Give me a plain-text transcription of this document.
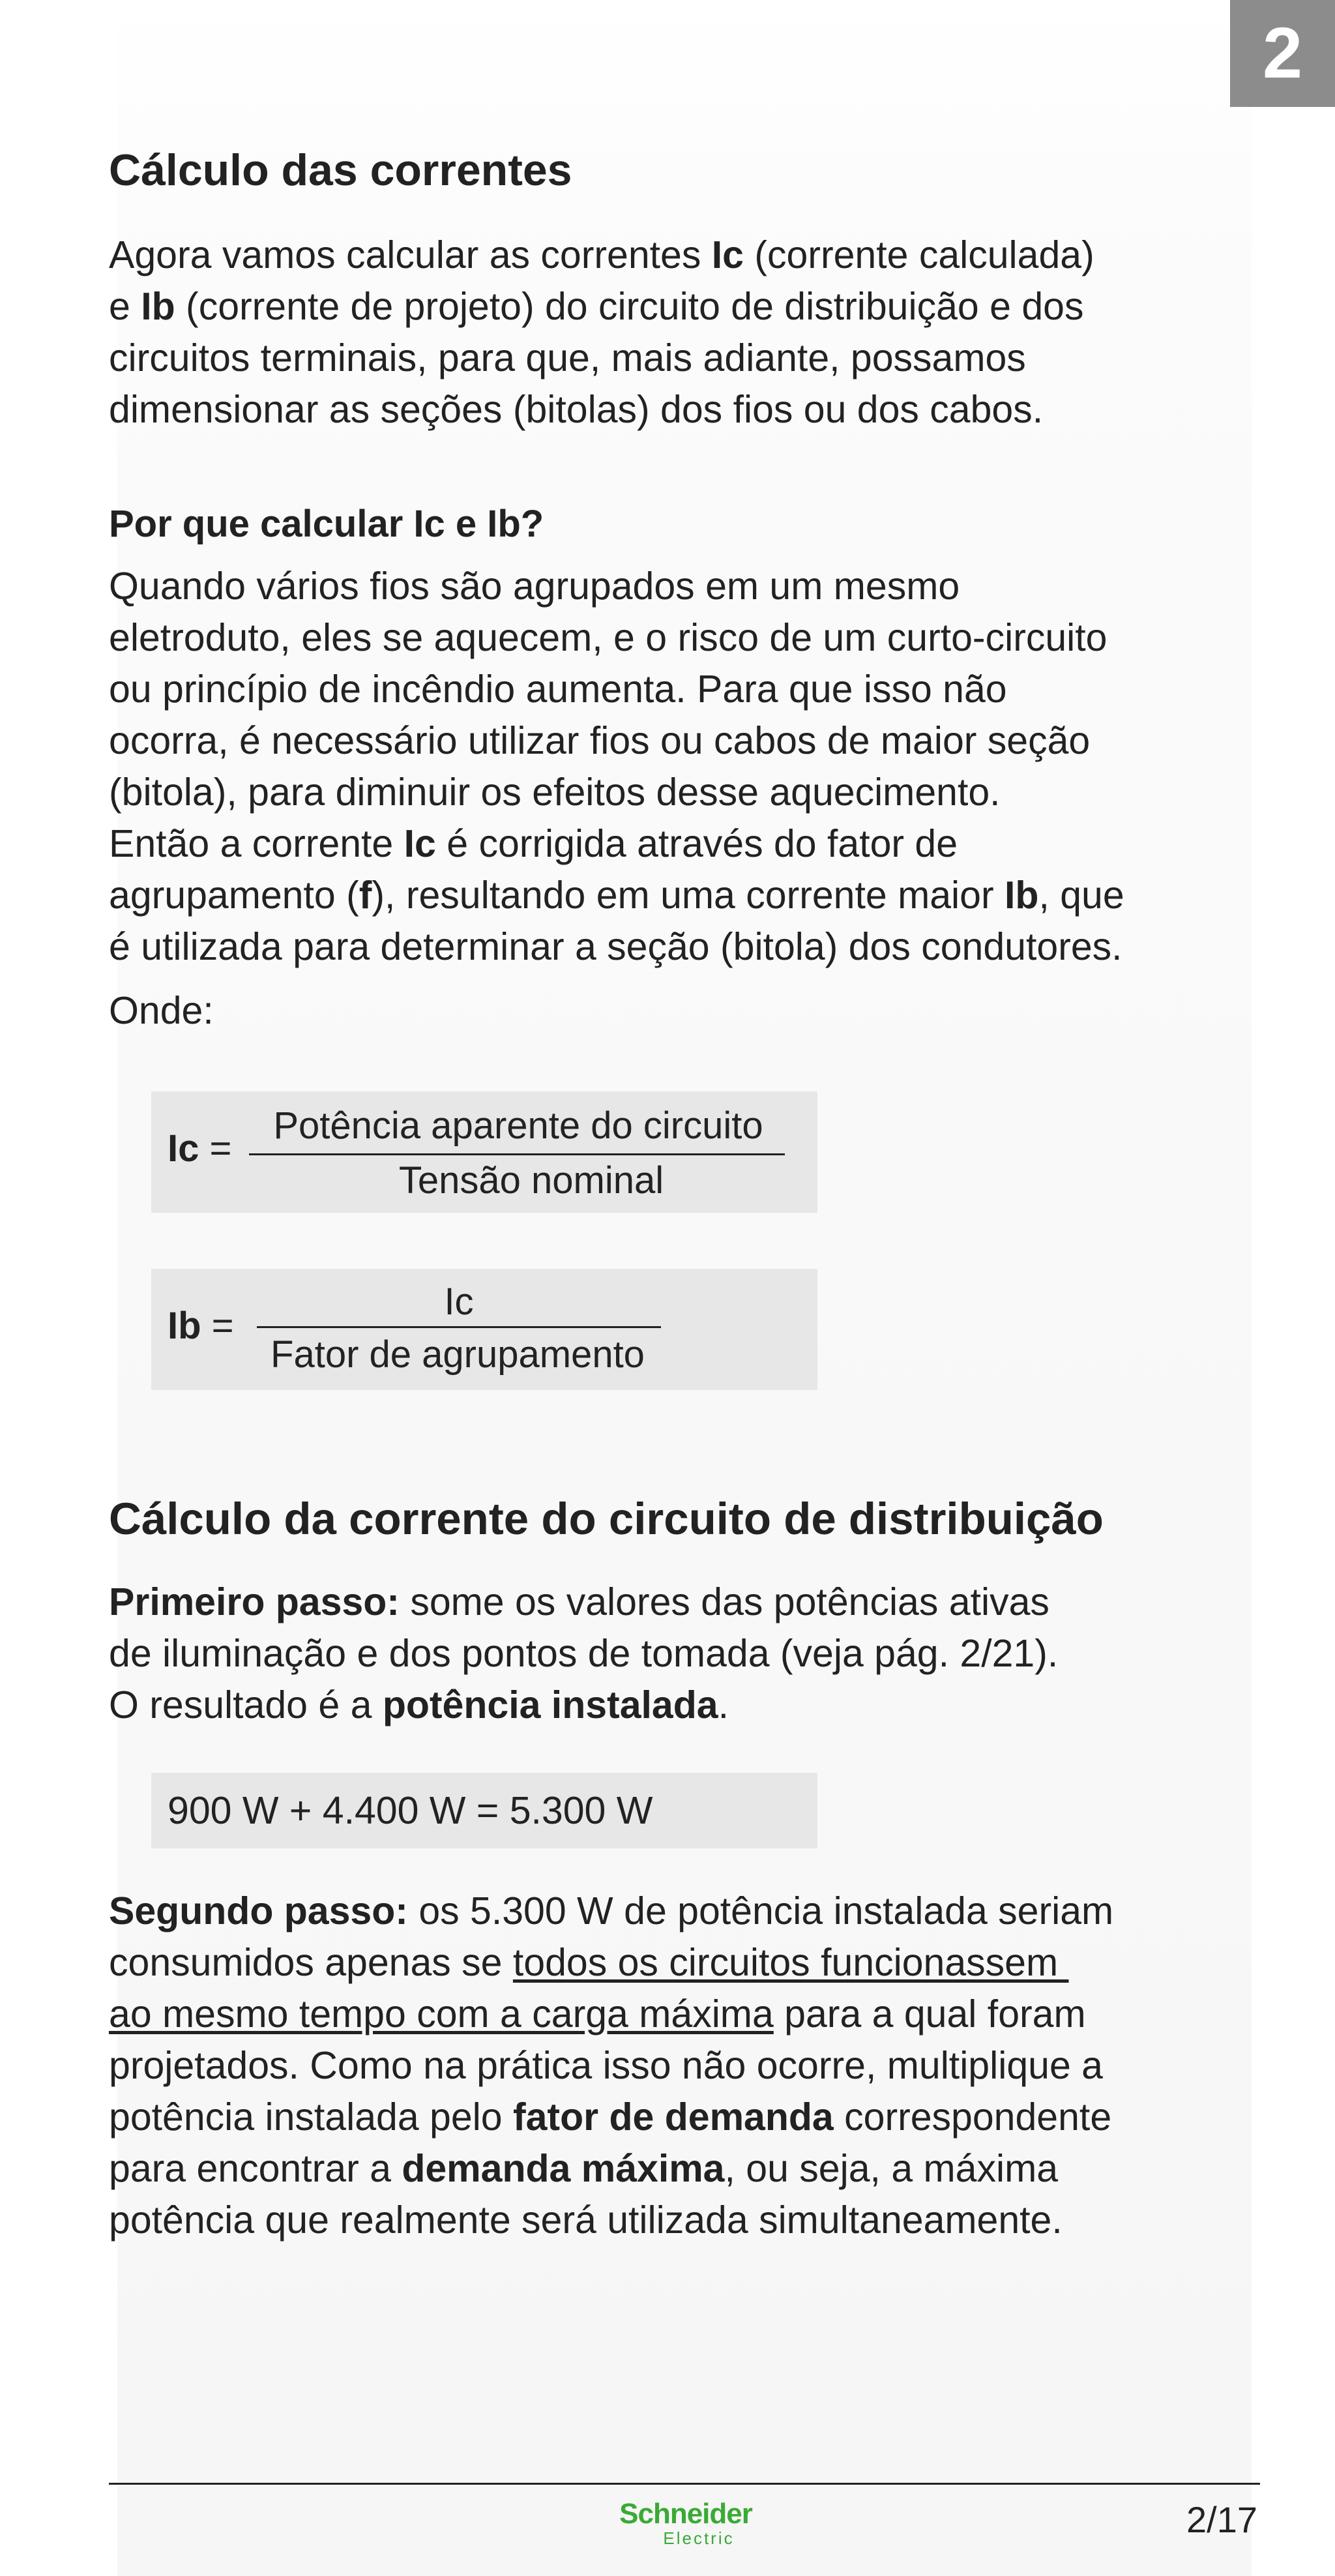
2
Cálculo das correntes
Agora vamos calcular as correntes Ic (corrente calculada)
e Ib (corrente de projeto) do circuito de distribuição e dos
circuitos terminais, para que, mais adiante, possamos
dimensionar as seções (bitolas) dos fios ou dos cabos.
Por que calcular Ic e Ib?
Quando vários fios são agrupados em um mesmo
eletroduto, eles se aquecem, e o risco de um curto-circuito
ou princípio de incêndio aumenta. Para que isso não
ocorra, é necessário utilizar fios ou cabos de maior seção
(bitola), para diminuir os efeitos desse aquecimento.
Então a corrente Ic é corrigida através do fator de
agrupamento (f), resultando em uma corrente maior Ib, que
é utilizada para determinar a seção (bitola) dos condutores.
Onde:
Cálculo da corrente do circuito de distribuição
Primeiro passo: some os valores das potências ativas
de iluminação e dos pontos de tomada (veja pág. 2/21).
O resultado é a potência instalada.
Segundo passo: os 5.300 W de potência instalada seriam
consumidos apenas se todos os circuitos funcionassem
ao mesmo tempo com a carga máxima para a qual foram
projetados. Como na prática isso não ocorre, multiplique a
potência instalada pelo fator de demanda correspondente
para encontrar a demanda máxima, ou seja, a máxima
potência que realmente será utilizada simultaneamente.
Ic =
Potência aparente do circuito
Tensão nominal
Ib =
Ic
Fator de agrupamento
900 W + 4.400 W = 5.300 W
Schneider
Electric	2/17
